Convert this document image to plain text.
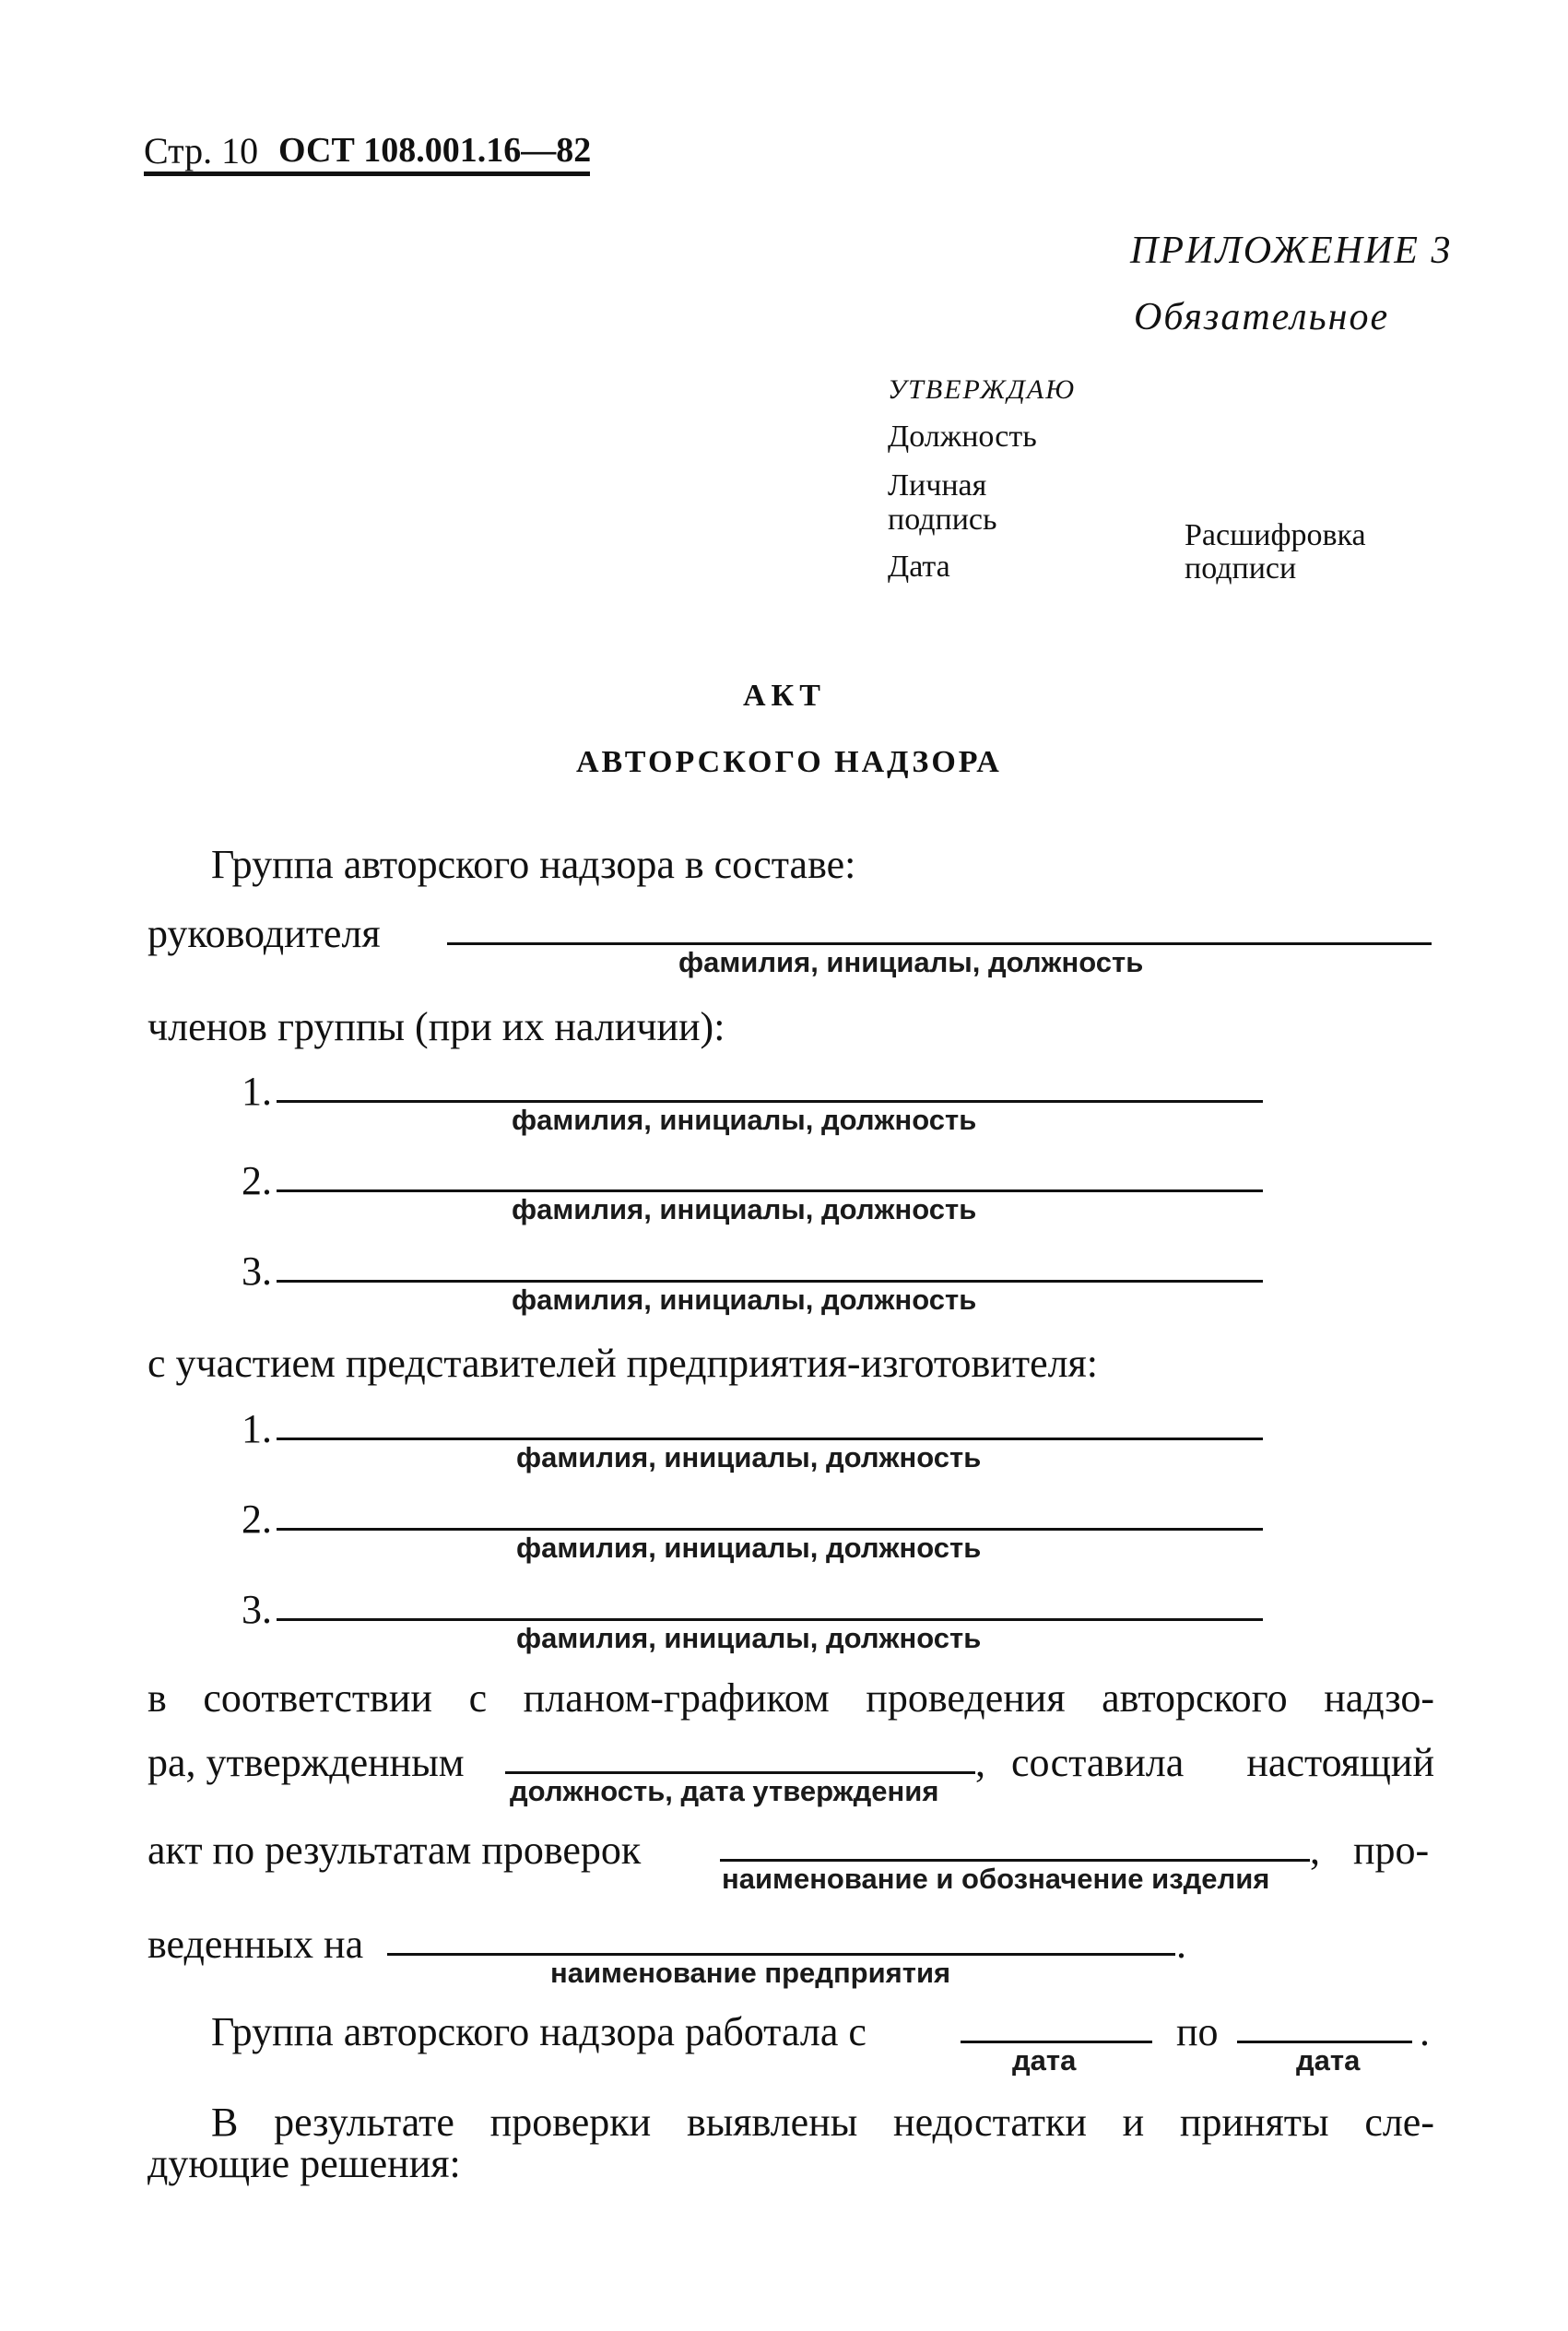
Стр. 10 ОСТ 108.001.16—82
ПРИЛОЖЕНИЕ 3
Обязательное
УТВЕРЖДАЮ
Должность
Личная
подпись
Дата
Расшифровка
подписи
АКТ
АВТОРСКОГО НАДЗОРА
Группа авторского надзора в составе:
руководителя
фамилия, инициалы, должность
членов группы (при их наличии):
1.
фамилия, инициалы, должность
2.
фамилия, инициалы, должность
3.
фамилия, инициалы, должность
с участием представителей предприятия-изготовителя:
1.
фамилия, инициалы, должность
2.
фамилия, инициалы, должность
3.
фамилия, инициалы, должность
в соответствии с планом-графиком проведения авторского надзо-
ра, утвержденным	,
должность, дата утверждения
составила настоящий
акт по результатам проверок	,
наименование и обозначение изделия
про-
веденных на	.
наименование предприятия
Группа авторского надзора работала с
дата
по
дата
.
В результате проверки выявлены недостатки и приняты сле-
дующие решения:
